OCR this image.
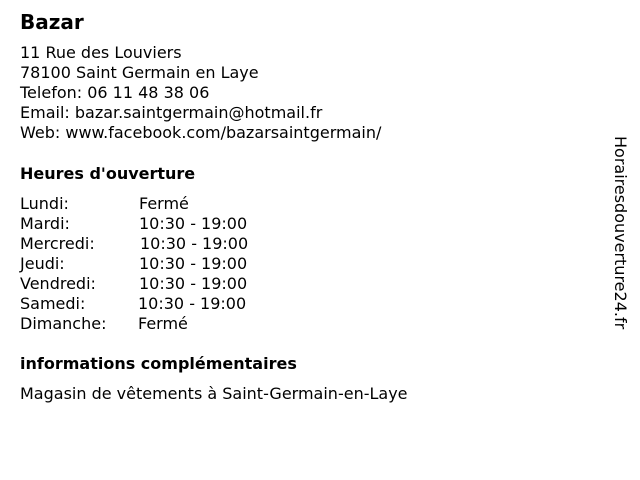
Bazar
11 Rue des Louviers
78100 Saint Germain en Laye
Telefon: 06 11 48 38 06
Email: bazar.saintgermain@hotmail.fr
Web: www.facebook.com/bazarsaintgermain/
Heures d'ouverture
Lundi:	Fermé
Mardi:	10:30 - 19:00
Mercredi:	10:30 - 19:00
Jeudi:	10:30 - 19:00
Vendredi:	10:30 - 19:00
Samedi:	10:30 - 19:00
Dimanche: Fermé
informations complémentaires
Magasin de vêtements à Saint-Germain-en-Laye
Horairesdouverture24.fr
